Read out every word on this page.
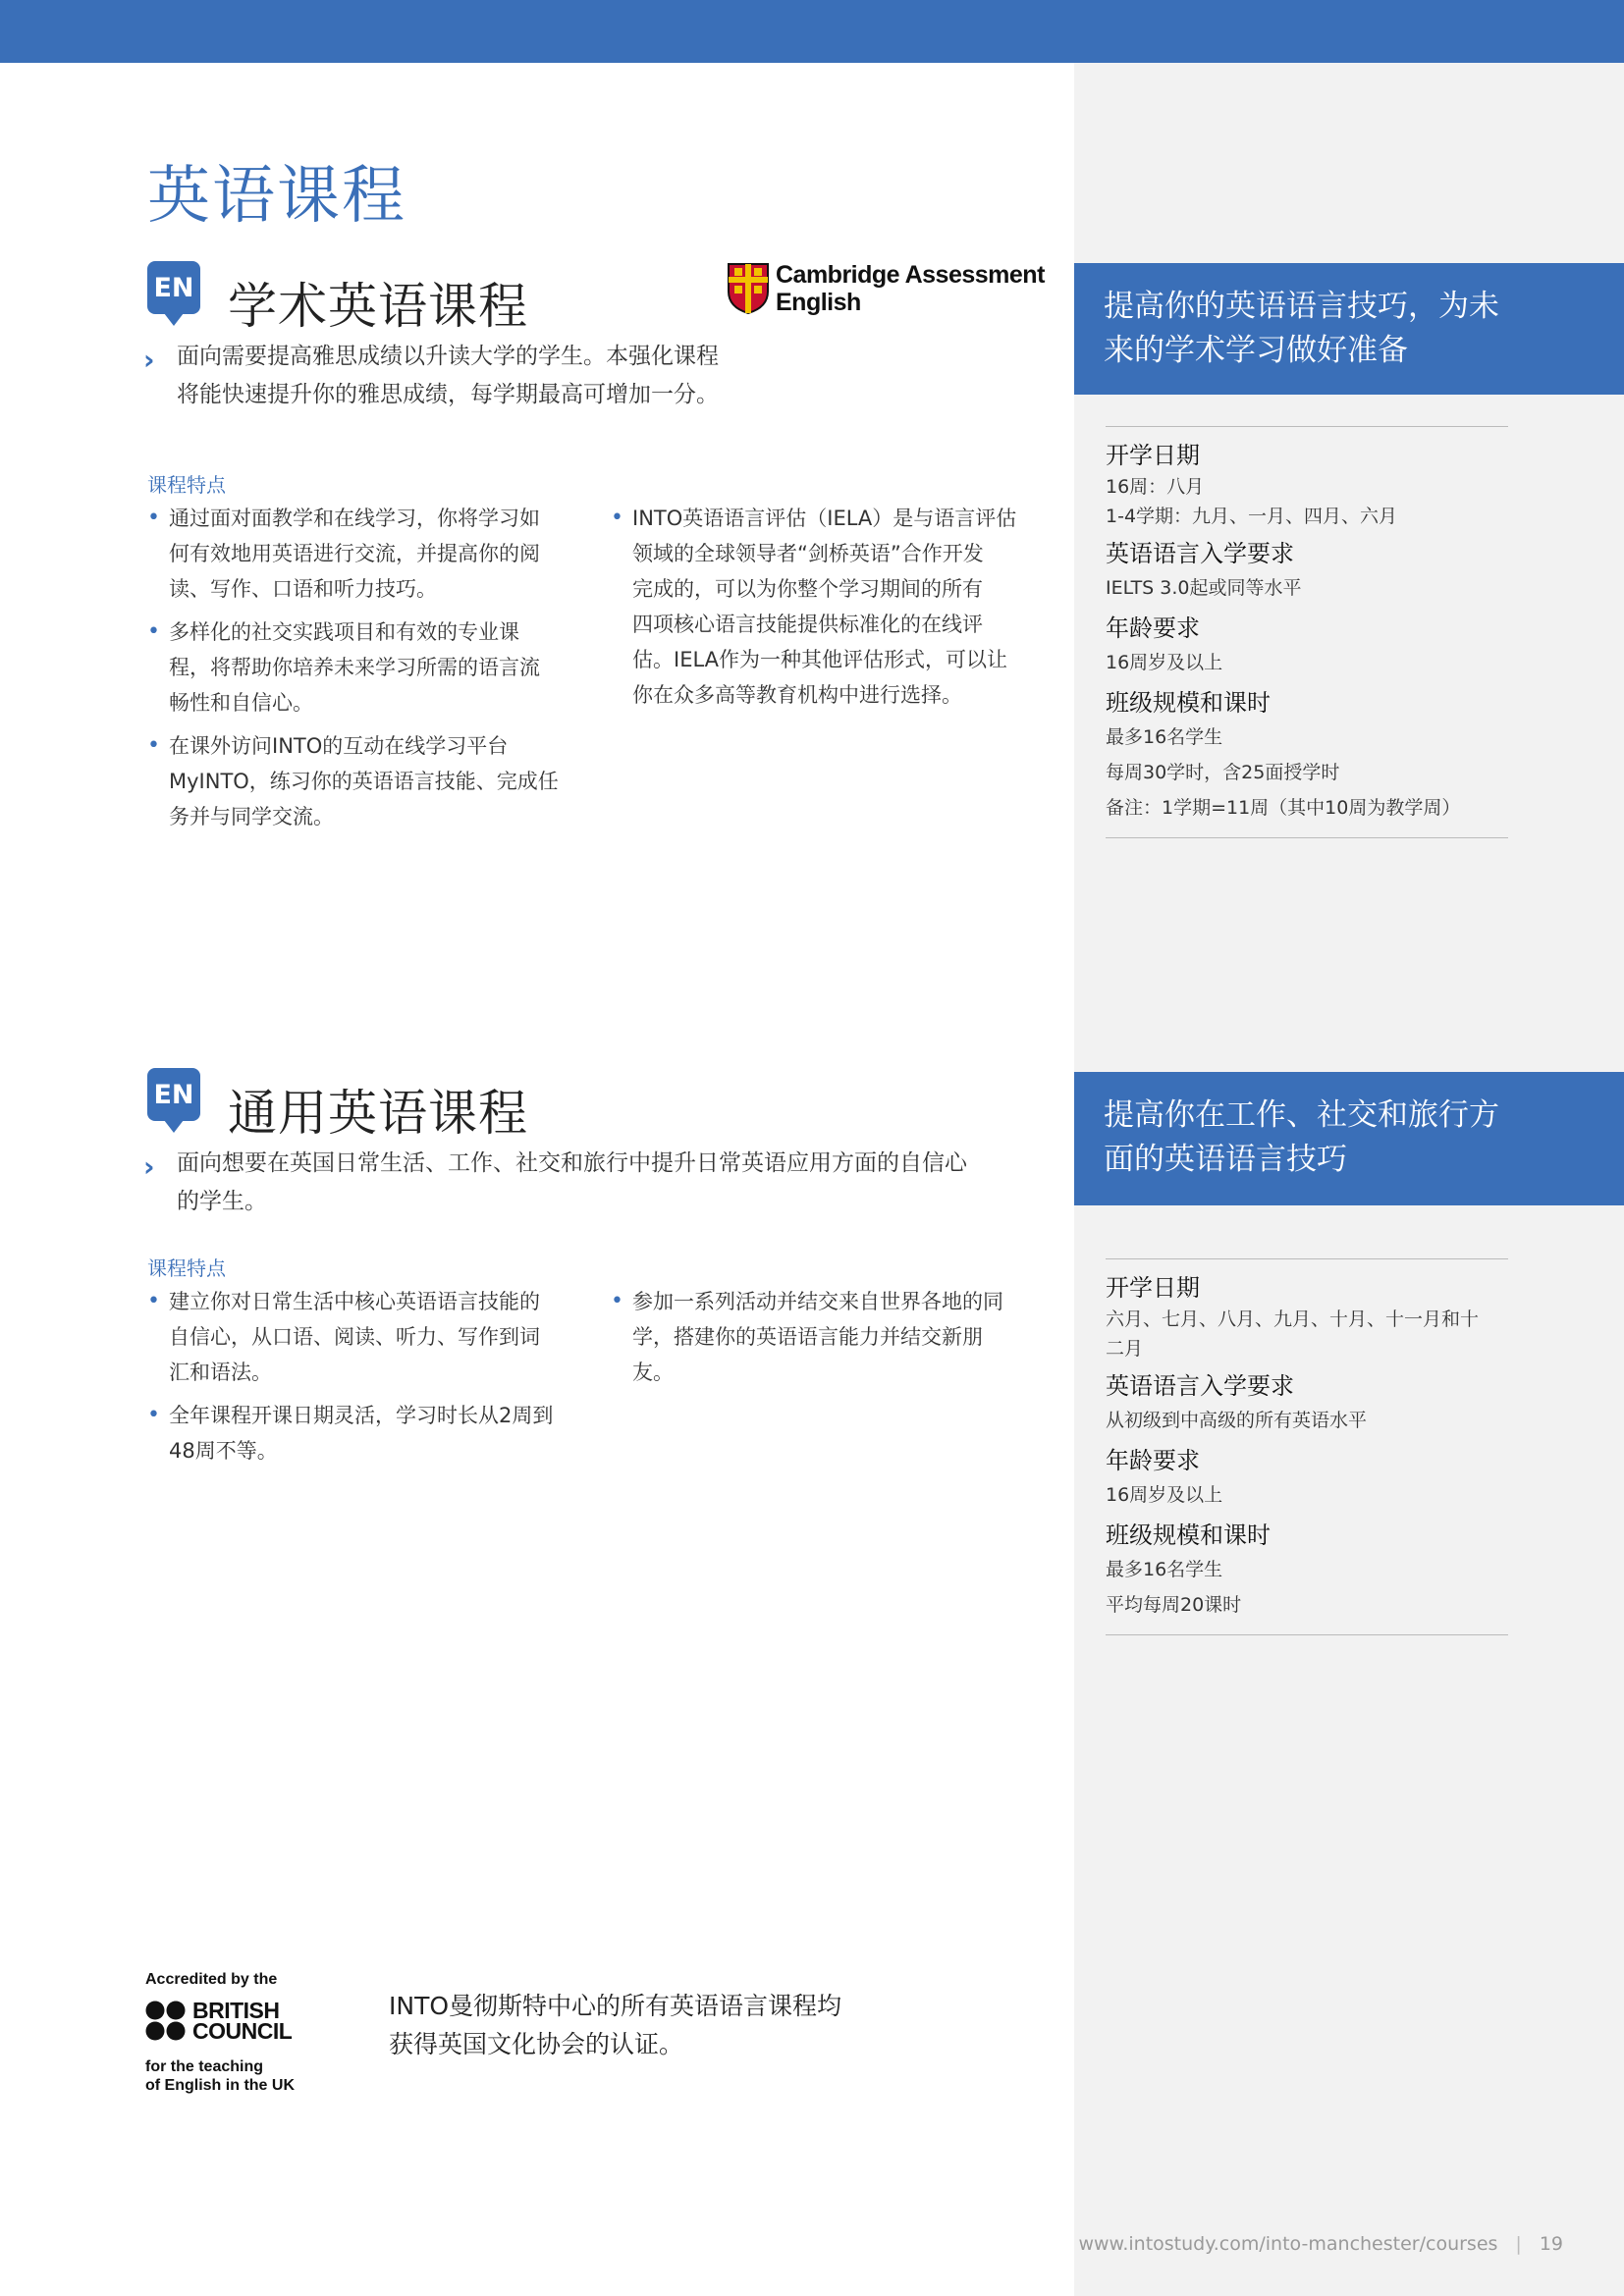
英语课程
EN 学术英语课程
Cambridge Assessment
English
› 面向需要提高雅思成绩以升读大学的学生。本强化课程
将能快速提升你的雅思成绩，每学期最高可增加一分。
课程特点
• 通过面对面教学和在线学习，你将学习如
何有效地用英语进行交流，并提高你的阅
读、写作、口语和听力技巧。
• 多样化的社交实践项目和有效的专业课
程，将帮助你培养未来学习所需的语言流
畅性和自信心。
• 在课外访问INTO的互动在线学习平台
MyINTO，练习你的英语语言技能、完成任
务并与同学交流。
• INTO英语语言评估（IELA）是与语言评估
领域的全球领导者“剑桥英语”合作开发
完成的，可以为你整个学习期间的所有
四项核心语言技能提供标准化的在线评
估。IELA作为一种其他评估形式，可以让
你在众多高等教育机构中进行选择。
提高你的英语语言技巧，为未
来的学术学习做好准备
开学日期
16周：八月
1-4学期：九月、一月、四月、六月
英语语言入学要求
IELTS 3.0起或同等水平
年龄要求
16周岁及以上
班级规模和课时
最多16名学生
每周30学时，含25面授学时
备注：1学期=11周（其中10周为教学周）
EN 通用英语课程
› 面向想要在英国日常生活、工作、社交和旅行中提升日常英语应用方面的自信心
的学生。
课程特点
• 建立你对日常生活中核心英语语言技能的
自信心，从口语、阅读、听力、写作到词
汇和语法。
• 全年课程开课日期灵活，学习时长从2周到
48周不等。
• 参加一系列活动并结交来自世界各地的同
学，搭建你的英语语言能力并结交新朋
友。
提高你在工作、社交和旅行方
面的英语语言技巧
开学日期
六月、七月、八月、九月、十月、十一月和十
二月
英语语言入学要求
从初级到中高级的所有英语水平
年龄要求
16周岁及以上
班级规模和课时
最多16名学生
平均每周20课时
Accredited by the
BRITISH
COUNCIL
for the teaching
of English in the UK
INTO曼彻斯特中心的所有英语语言课程均
获得英国文化协会的认证。
www.intostudy.com/into-manchester/courses | 19
